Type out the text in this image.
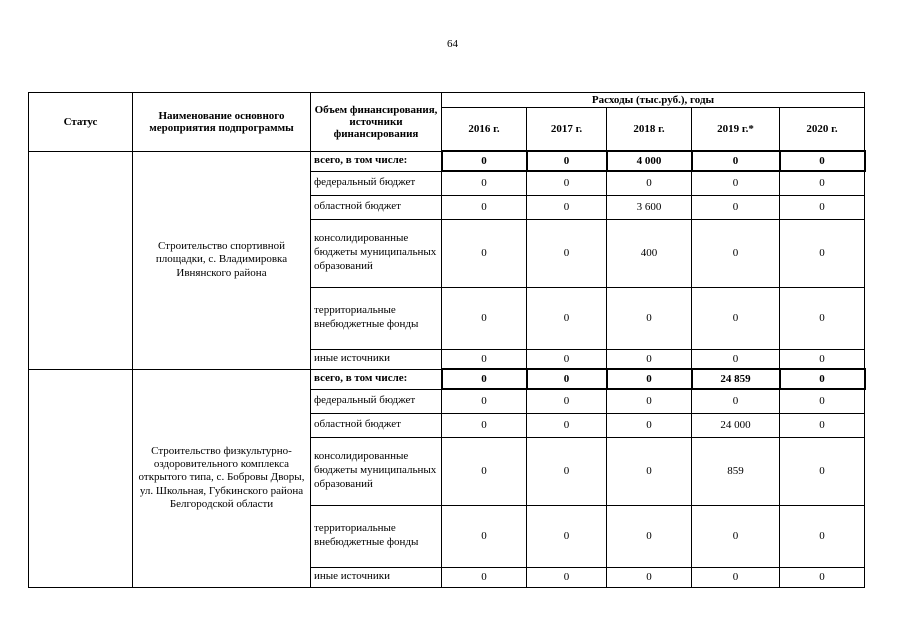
64
Статус	Наименование основного мероприятия подпрограммы	Объем финансирования, источники финансирования	Расходы (тыс.руб.), годы				
			2016 г.	2017 г.	2018 г.	2019 г.*	2020 г.
	Строительство спортивной площадки, с. Владимировка Ивнянского района	всего, в том числе:	0	0	4 000	0	0
		федеральный бюджет	0	0	0	0	0
		областной бюджет	0	0	3 600	0	0
		консолидированные бюджеты муниципальных образований	0	0	400	0	0
		территориальные внебюджетные фонды	0	0	0	0	0
		иные источники	0	0	0	0	0
	Строительство физкультурно-оздоровительного комплекса открытого типа, с. Бобровы Дворы, ул. Школьная, Губкинского района Белгородской области	всего, в том числе:	0	0	0	24 859	0
		федеральный бюджет	0	0	0	0	0
		областной бюджет	0	0	0	24 000	0
		консолидированные бюджеты муниципальных образований	0	0	0	859	0
		территориальные внебюджетные фонды	0	0	0	0	0
		иные источники	0	0	0	0	0
